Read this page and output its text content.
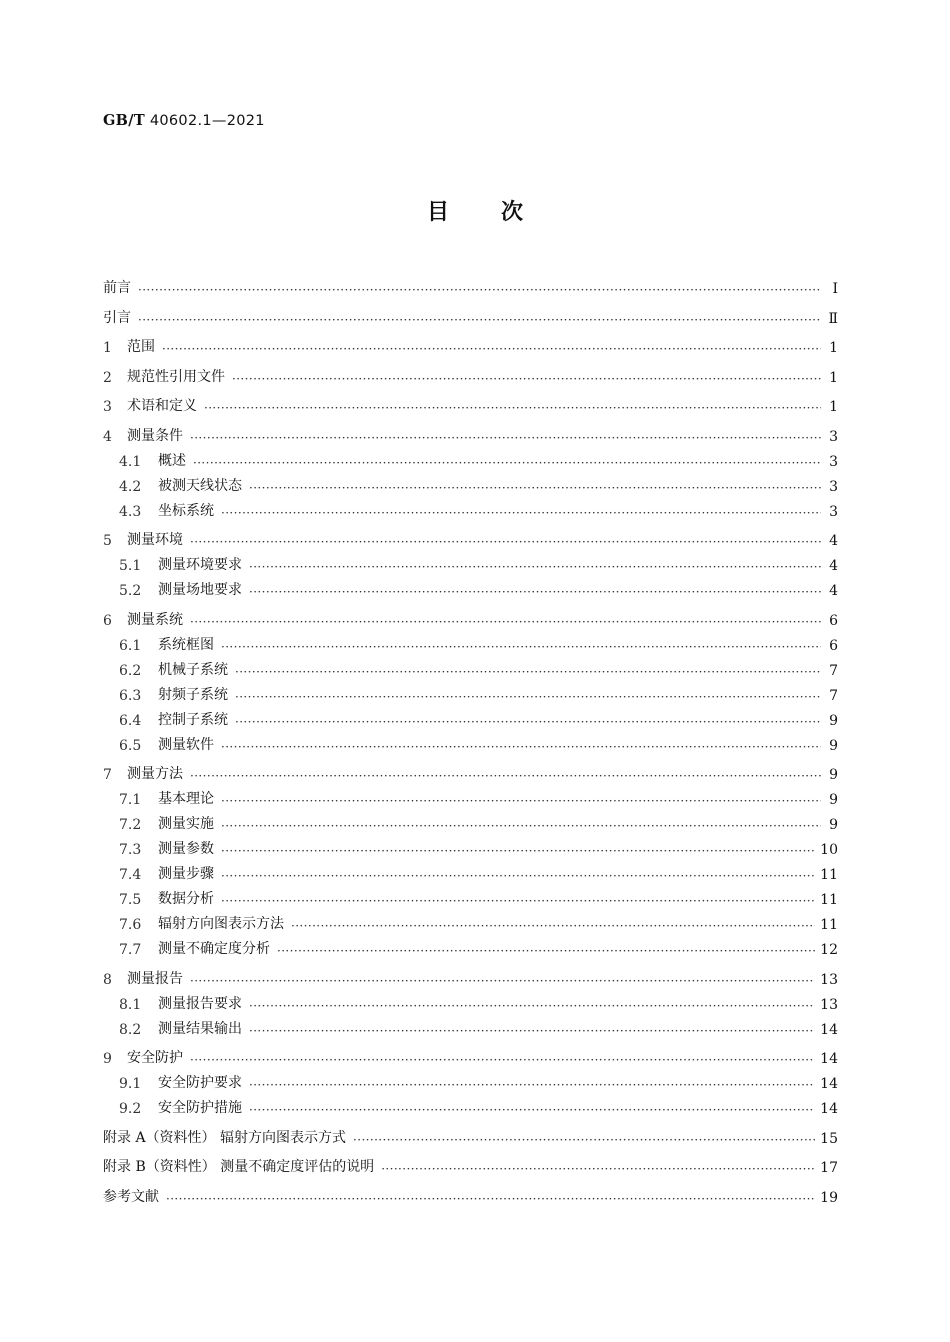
GB/T 40602.1—2021
目次
前言 ·····	Ⅰ
引言 ·····	Ⅱ
1	范围 ·····	1
2	规范性引用文件 ·····	1
3	术语和定义 ·····	1
4	测量条件 ·····	3
4.1	概述 ·····	3
4.2	被测天线状态 ·····	3
4.3	坐标系统 ·····	3
5	测量环境 ·····	4
5.1	测量环境要求 ·····	4
5.2	测量场地要求 ·····	4
6	测量系统 ·····	6
6.1	系统框图 ·····	6
6.2	机械子系统 ·····	7
6.3	射频子系统 ·····	7
6.4	控制子系统 ·····	9
6.5	测量软件 ·····	9
7	测量方法 ·····	9
7.1	基本理论 ·····	9
7.2	测量实施 ·····	9
7.3	测量参数 ·····	10
7.4	测量步骤 ·····	11
7.5	数据分析 ·····	11
7.6	辐射方向图表示方法 ·····	11
7.7	测量不确定度分析 ·····	12
8	测量报告 ·····	13
8.1	测量报告要求 ·····	13
8.2	测量结果输出 ·····	14
9	安全防护 ·····	14
9.1	安全防护要求 ·····	14
9.2	安全防护措施 ·····	14
附录 A（资料性） 辐射方向图表示方式 ·····	15
附录 B（资料性） 测量不确定度评估的说明 ·····	17
参考文献 ·····	19
